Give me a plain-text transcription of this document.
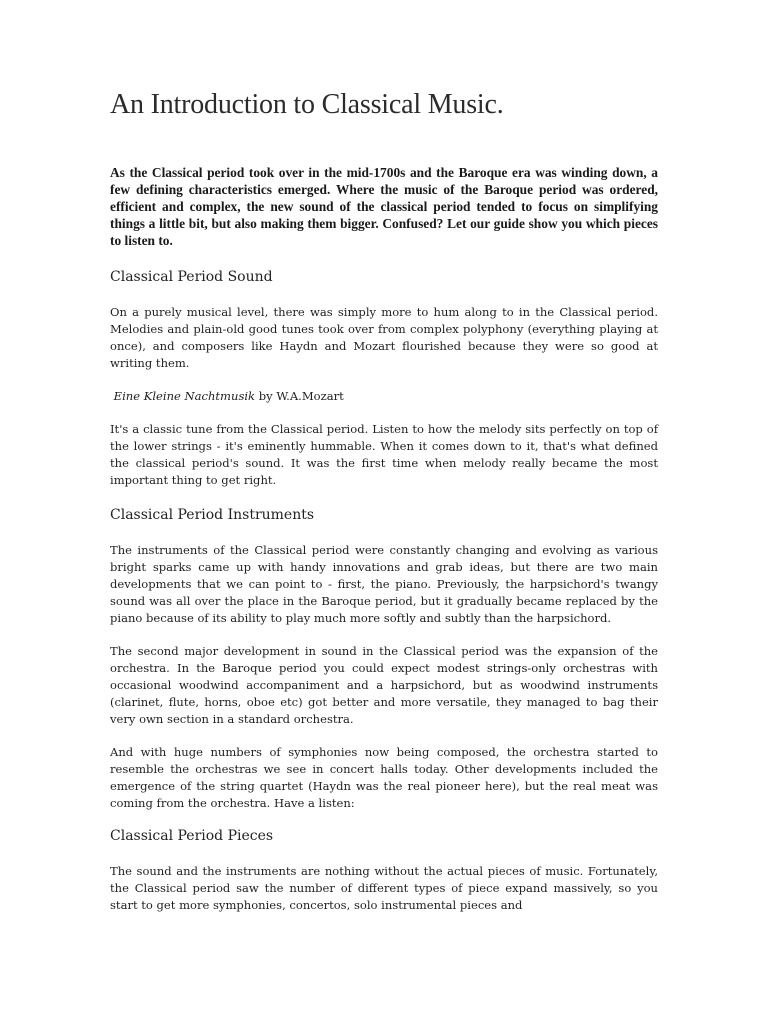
An Introduction to Classical Music.

As the Classical period took over in the mid-1700s and the Baroque era was winding down, a few defining characteristics emerged. Where the music of the Baroque period was ordered, efficient and complex, the new sound of the classical period tended to focus on simplifying things a little bit, but also making them bigger. Confused? Let our guide show you which pieces to listen to.

Classical Period Sound

On a purely musical level, there was simply more to hum along to in the Classical period. Melodies and plain-old good tunes took over from complex polyphony (everything playing at once), and composers like Haydn and Mozart flourished because they were so good at writing them.

Eine Kleine Nachtmusik by W.A.Mozart

It's a classic tune from the Classical period. Listen to how the melody sits perfectly on top of the lower strings - it's eminently hummable. When it comes down to it, that's what defined the classical period's sound. It was the first time when melody really became the most important thing to get right.

Classical Period Instruments

The instruments of the Classical period were constantly changing and evolving as various bright sparks came up with handy innovations and grab ideas, but there are two main developments that we can point to - first, the piano. Previously, the harpsichord's twangy sound was all over the place in the Baroque period, but it gradually became replaced by the piano because of its ability to play much more softly and subtly than the harpsichord.

The second major development in sound in the Classical period was the expansion of the orchestra. In the Baroque period you could expect modest strings-only orchestras with occasional woodwind accompaniment and a harpsichord, but as woodwind instruments (clarinet, flute, horns, oboe etc) got better and more versatile, they managed to bag their very own section in a standard orchestra.

And with huge numbers of symphonies now being composed, the orchestra started to resemble the orchestras we see in concert halls today. Other developments included the emergence of the string quartet (Haydn was the real pioneer here), but the real meat was coming from the orchestra. Have a listen:

Classical Period Pieces

The sound and the instruments are nothing without the actual pieces of music. Fortunately, the Classical period saw the number of different types of piece expand massively, so you start to get more symphonies, concertos, solo instrumental pieces and
